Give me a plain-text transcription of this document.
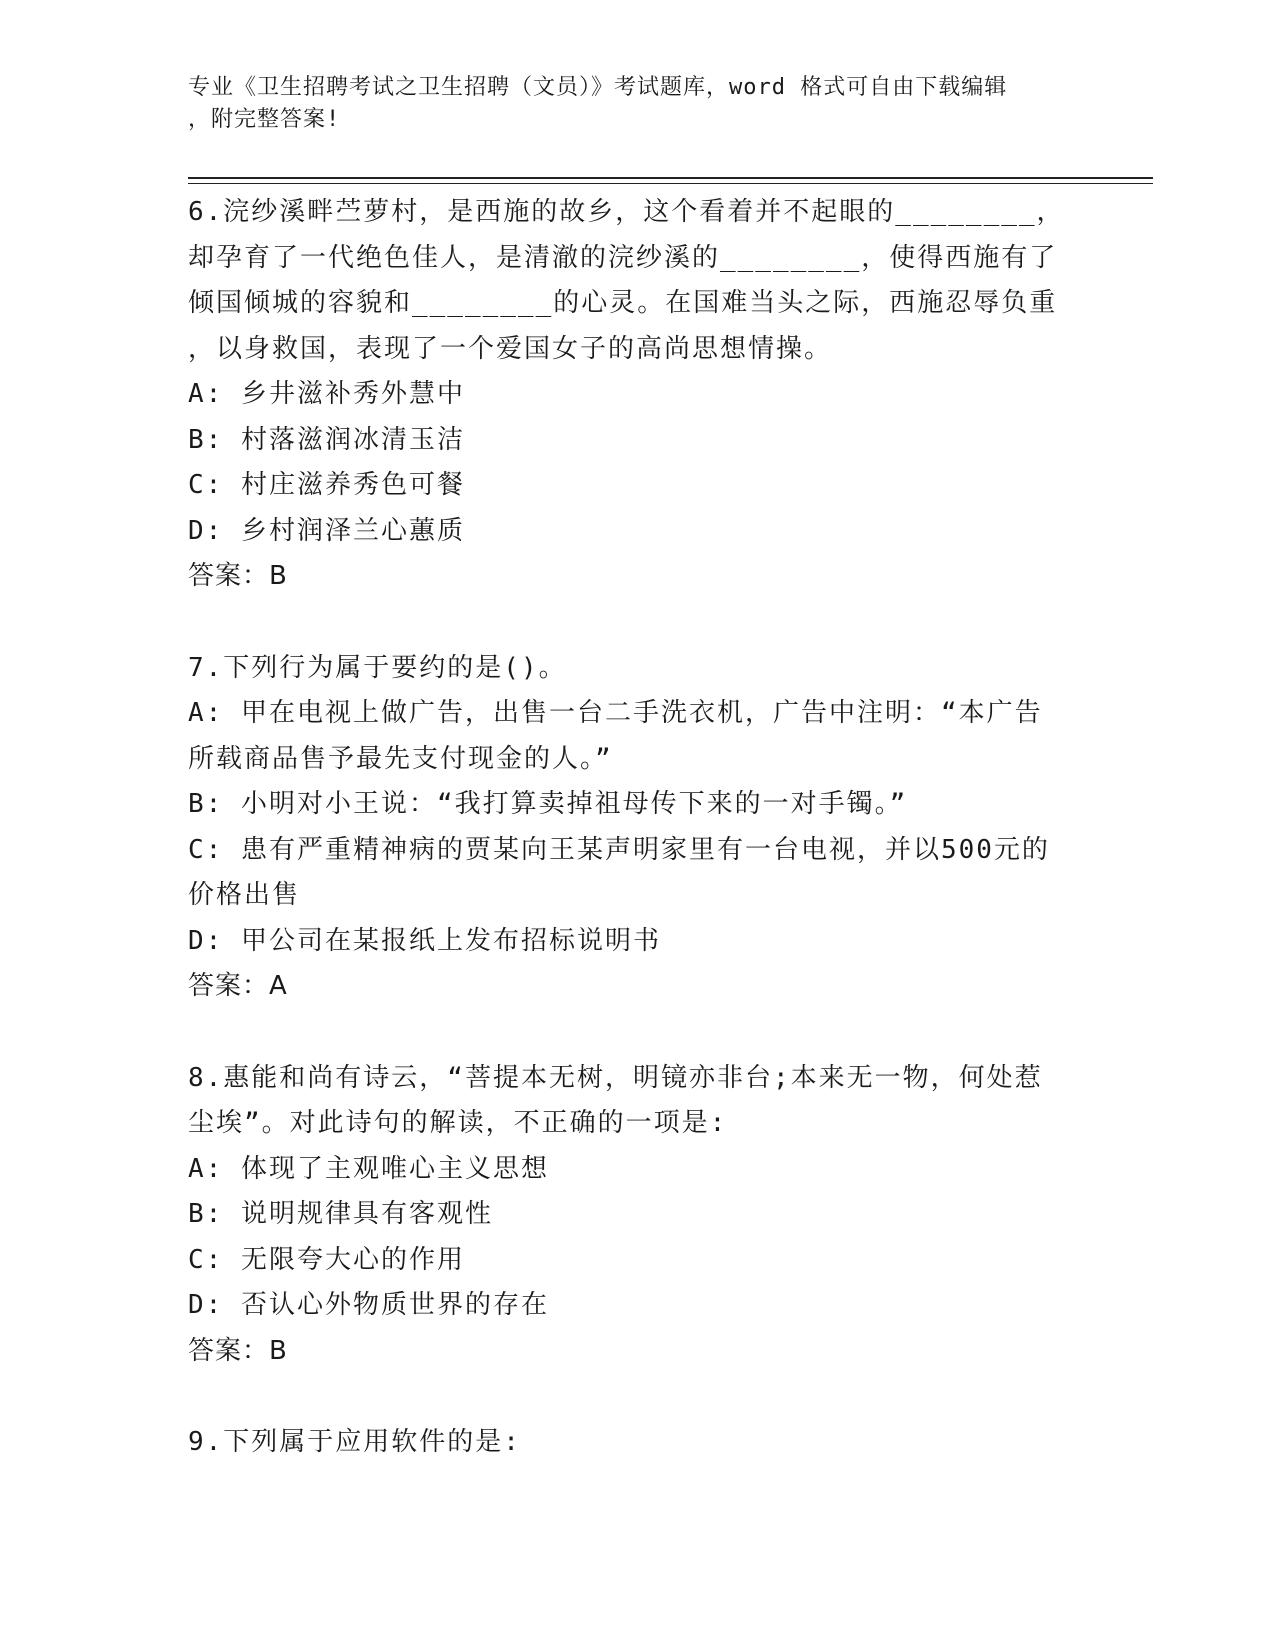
专业《卫生招聘考试之卫生招聘（文员）》考试题库，word 格式可自由下载编辑
，附完整答案!
6.浣纱溪畔苎萝村，是西施的故乡，这个看着并不起眼的________，
却孕育了一代绝色佳人，是清澈的浣纱溪的________，使得西施有了
倾国倾城的容貌和________的心灵。在国难当头之际，西施忍辱负重
，以身救国，表现了一个爱国女子的高尚思想情操。
A: 乡井滋补秀外慧中
B: 村落滋润冰清玉洁
C: 村庄滋养秀色可餐
D: 乡村润泽兰心蕙质
答案：B
7.下列行为属于要约的是()。
A: 甲在电视上做广告，出售一台二手洗衣机，广告中注明：“本广告
所载商品售予最先支付现金的人。”
B: 小明对小王说：“我打算卖掉祖母传下来的一对手镯。”
C: 患有严重精神病的贾某向王某声明家里有一台电视，并以500元的
价格出售
D: 甲公司在某报纸上发布招标说明书
答案：A
8.惠能和尚有诗云，“菩提本无树，明镜亦非台;本来无一物，何处惹
尘埃”。对此诗句的解读，不正确的一项是:
A: 体现了主观唯心主义思想
B: 说明规律具有客观性
C: 无限夸大心的作用
D: 否认心外物质世界的存在
答案：B
9.下列属于应用软件的是:
